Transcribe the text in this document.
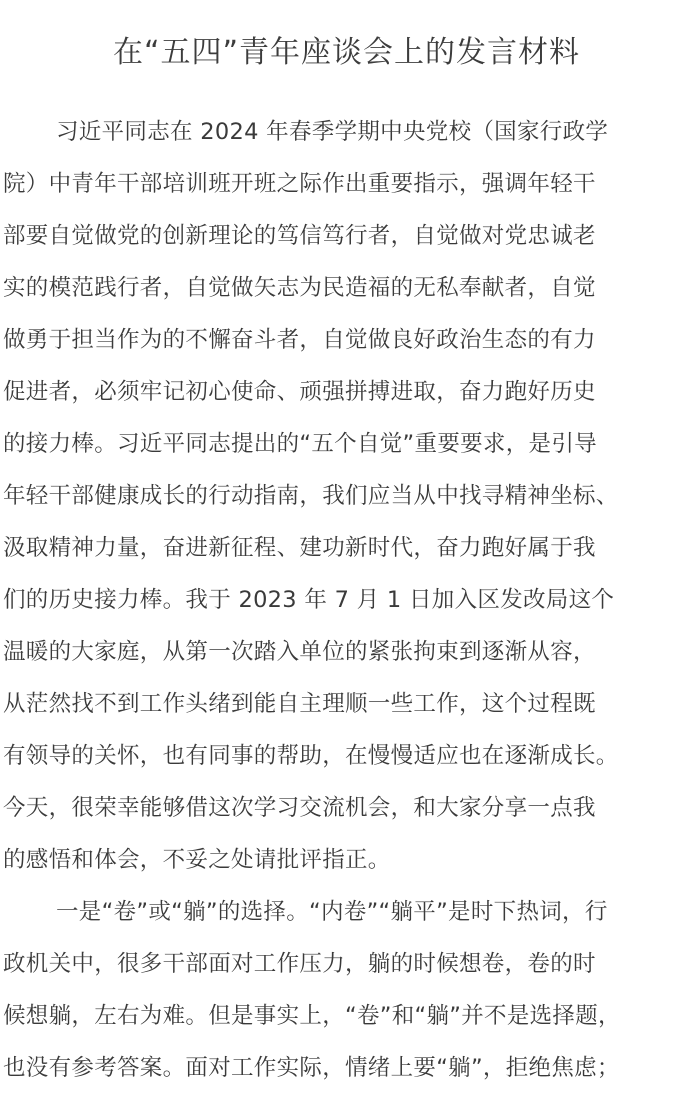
在“五四”青年座谈会上的发言材料
习近平同志在 2024 年春季学期中央党校（国家行政学
院）中青年干部培训班开班之际作出重要指示，强调年轻干
部要自觉做党的创新理论的笃信笃行者，自觉做对党忠诚老
实的模范践行者，自觉做矢志为民造福的无私奉献者，自觉
做勇于担当作为的不懈奋斗者，自觉做良好政治生态的有力
促进者，必须牢记初心使命、顽强拼搏进取，奋力跑好历史
的接力棒。习近平同志提出的“五个自觉”重要要求，是引导
年轻干部健康成长的行动指南，我们应当从中找寻精神坐标、
汲取精神力量，奋进新征程、建功新时代，奋力跑好属于我
们的历史接力棒。我于 2023 年 7 月 1 日加入区发改局这个
温暖的大家庭，从第一次踏入单位的紧张拘束到逐渐从容，
从茫然找不到工作头绪到能自主理顺一些工作，这个过程既
有领导的关怀，也有同事的帮助，在慢慢适应也在逐渐成长。
今天，很荣幸能够借这次学习交流机会，和大家分享一点我
的感悟和体会，不妥之处请批评指正。
一是“卷”或“躺”的选择。“内卷”“躺平”是时下热词，行
政机关中，很多干部面对工作压力，躺的时候想卷，卷的时
候想躺，左右为难。但是事实上，“卷”和“躺”并不是选择题，
也没有参考答案。面对工作实际，情绪上要“躺”，拒绝焦虑；
